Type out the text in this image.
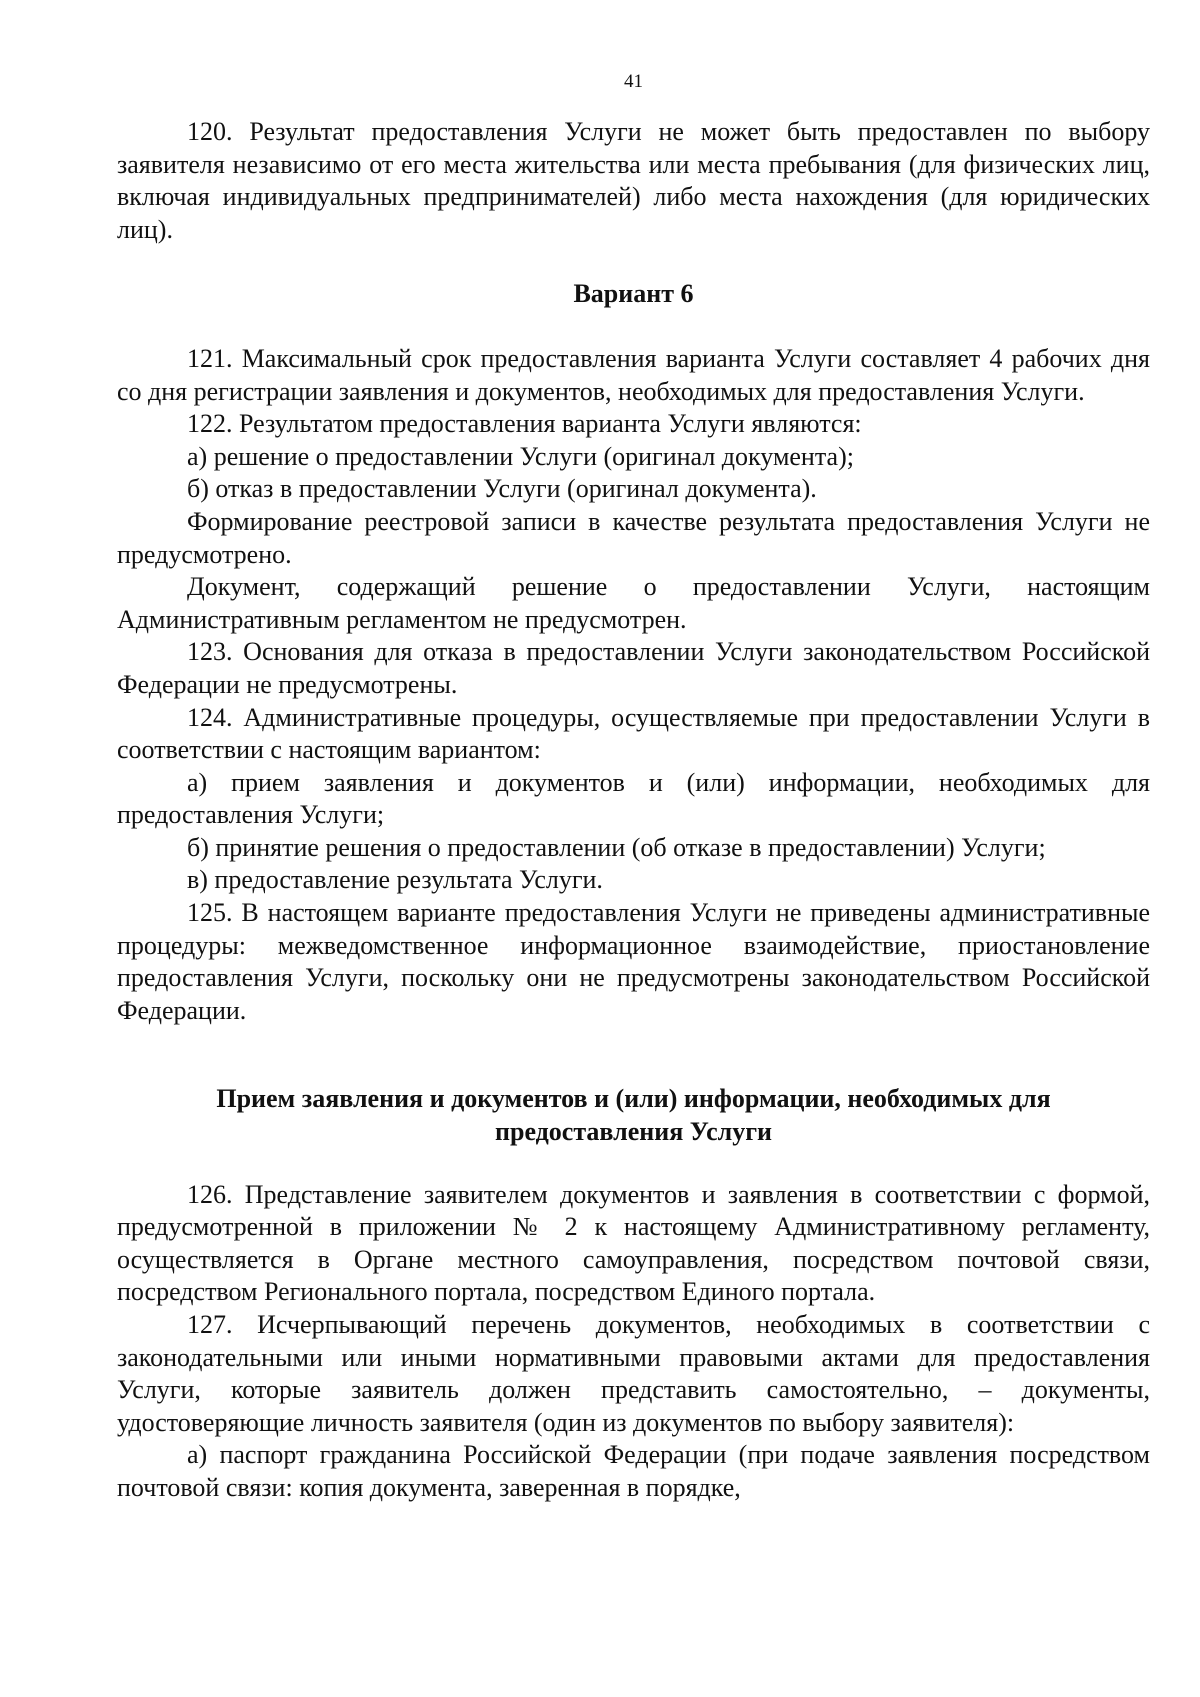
41

120. Результат предоставления Услуги не может быть предоставлен по выбору заявителя независимо от его места жительства или места пребывания (для физических лиц, включая индивидуальных предпринимателей) либо места нахождения (для юридических лиц).

Вариант 6

121. Максимальный срок предоставления варианта Услуги составляет 4 рабочих дня со дня регистрации заявления и документов, необходимых для предоставления Услуги.

122. Результатом предоставления варианта Услуги являются:

а) решение о предоставлении Услуги (оригинал документа);

б) отказ в предоставлении Услуги (оригинал документа).

Формирование реестровой записи в качестве результата предоставления Услуги не предусмотрено.

Документ, содержащий решение о предоставлении Услуги, настоящим Административным регламентом не предусмотрен.

123. Основания для отказа в предоставлении Услуги законодательством Российской Федерации не предусмотрены.

124. Административные процедуры, осуществляемые при предоставлении Услуги в соответствии с настоящим вариантом:

а) прием заявления и документов и (или) информации, необходимых для предоставления Услуги;

б) принятие решения о предоставлении (об отказе в предоставлении) Услуги;

в) предоставление результата Услуги.

125. В настоящем варианте предоставления Услуги не приведены административные процедуры: межведомственное информационное взаимодействие, приостановление предоставления Услуги, поскольку они не предусмотрены законодательством Российской Федерации.

Прием заявления и документов и (или) информации, необходимых для
предоставления Услуги

126. Представление заявителем документов и заявления в соответствии с формой, предусмотренной в приложении № 2 к настоящему Административному регламенту, осуществляется в Органе местного самоуправления, посредством почтовой связи, посредством Регионального портала, посредством Единого портала.

127. Исчерпывающий перечень документов, необходимых в соответствии с законодательными или иными нормативными правовыми актами для предоставления Услуги, которые заявитель должен представить самостоятельно, – документы, удостоверяющие личность заявителя (один из документов по выбору заявителя):

а) паспорт гражданина Российской Федерации (при подаче заявления посредством почтовой связи: копия документа, заверенная в порядке,
